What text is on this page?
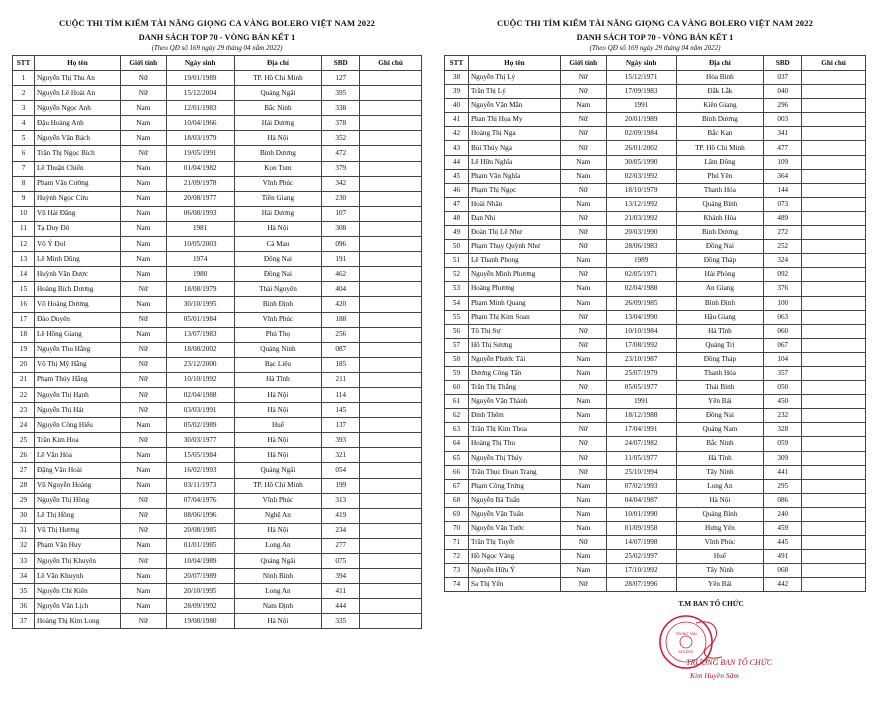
CUỘC THI TÌM KIẾM TÀI NĂNG GIỌNG CA VÀNG BOLERO VIỆT NAM 2022
DANH SÁCH TOP 70 - VÒNG BÁN KẾT 1
(Theo QĐ số 169 ngày 29 tháng 04 năm 2022)
STT	Họ tên	Giới tính	Ngày sinh	Địa chỉ	SBD	Ghi chú
1	Nguyễn Thị Thu An	Nữ	19/01/1989	TP. Hồ Chí Minh	127	
2	Nguyễn Lê Hoài An	Nữ	15/12/2004	Quảng Ngãi	395	
3	Nguyễn Ngọc Anh	Nam	12/01/1983	Bắc Ninh	338	
4	Đậu Hoàng Anh	Nam	10/04/1966	Hải Dương	378	
5	Nguyễn Văn Bách	Nam	18/03/1979	Hà Nội	352	
6	Trần Thị Ngọc Bích	Nữ	19/05/1991	Bình Dương	472	
7	Lê Thuận Chiến	Nam	01/04/1982	Kon Tum	379	
8	Phạm Văn Cường	Nam	21/09/1978	Vĩnh Phúc	342	
9	Huỳnh Ngọc Cừu	Nam	20/08/1977	Tiền Giang	230	
10	Vũ Hải Đăng	Nam	06/08/1993	Hải Dương	107	
11	Tạ Duy Đô	Nam	1981	Hà Nội	308	
12	Võ Ý Đol	Nam	10/05/2003	Cà Mau	096	
13	Lê Minh Dũng	Nam	1974	Đồng Nai	191	
14	Huỳnh Văn Được	Nam	1980	Đồng Nai	462	
15	Hoàng Bích Dương	Nữ	18/08/1979	Thái Nguyên	404	
16	Võ Hoàng Dương	Nam	30/10/1995	Bình Định	420	
17	Đào Duyên	Nữ	05/01/1984	Vĩnh Phúc	188	
18	Lê Hồng Giang	Nam	13/07/1983	Phú Thọ	256	
19	Nguyễn Thu Hằng	Nữ	18/08/2002	Quảng Ninh	087	
20	Võ Thị Mỹ Hằng	Nữ	23/12/2000	Bạc Liêu	185	
21	Phạm Thúy Hằng	Nữ	10/10/1992	Hà Tĩnh	211	
22	Nguyễn Thị Hạnh	Nữ	02/04/1988	Hà Nội	114	
23	Nguyễn Thị Hát	Nữ	03/03/1991	Hà Nội	145	
24	Nguyễn Công Hiếu	Nam	05/02/1989	Huế	137	
25	Trần Kim Hoa	Nữ	30/03/1977	Hà Nội	393	
26	Lê Văn Hòa	Nam	15/05/1984	Hà Nội	321	
27	Đặng Văn Hoài	Nam	16/02/1993	Quảng Ngãi	054	
28	Vũ Nguyễn Hoàng	Nam	03/11/1973	TP. Hồ Chí Minh	199	
29	Nguyễn Thị Hồng	Nữ	07/04/1976	Vĩnh Phúc	313	
30	Lê Thị Hồng	Nữ	08/06/1996	Nghệ An	419	
31	Vũ Thị Hương	Nữ	20/08/1985	Hà Nội	234	
32	Phạm Văn Huy	Nam	01/01/1985	Long An	277	
33	Nguyễn Thị Khuyên	Nữ	10/04/1989	Quảng Ngãi	075	
34	Lê Văn Khuynh	Nam	20/07/1989	Ninh Bình	394	
35	Nguyễn Chí Kiên	Nam	20/10/1995	Long An	411	
36	Nguyễn Văn Lịch	Nam	28/09/1992	Nam Định	444	
37	Hoàng Thị Kim Long	Nữ	19/08/1980	Hà Nội	335	
CUỘC THI TÌM KIẾM TÀI NĂNG GIỌNG CA VÀNG BOLERO VIỆT NAM 2022
DANH SÁCH TOP 70 - VÒNG BÁN KẾT 1
(Theo QĐ số 169 ngày 29 tháng 04 năm 2022)
STT	Họ tên	Giới tính	Ngày sinh	Địa chỉ	SBD	Ghi chú
38	Nguyễn Thị Lý	Nữ	15/12/1971	Hòa Bình	037	
39	Trần Thị Lý	Nữ	17/09/1983	Đắk Lắk	040	
40	Nguyễn Văn Mẫn	Nam	1991	Kiên Giang	296	
41	Phan Thị Họa My	Nữ	20/01/1989	Bình Dương	003	
42	Hoàng Thị Nga	Nữ	02/09/1984	Bắc Kạn	341	
43	Bùi Thúy Nga	Nữ	26/01/2002	TP. Hồ Chí Minh	477	
44	Lê Hữu Nghĩa	Nam	30/05/1990	Lâm Đồng	109	
45	Phạm Văn Nghĩa	Nam	02/03/1992	Phú Yên	364	
46	Phạm Thị Ngọc	Nữ	18/10/1979	Thanh Hóa	144	
47	Hoài Nhân	Nam	13/12/1992	Quảng Bình	073	
48	Đan Nhi	Nữ	21/03/1992	Khánh Hòa	489	
49	Đoàn Thị Lê Như	Nữ	20/03/1990	Bình Dương	272	
50	Phạm Thụy Quỳnh Như	Nữ	28/06/1983	Đồng Nai	252	
51	Lê Thanh Phong	Nam	1989	Đồng Tháp	324	
52	Nguyễn Minh Phương	Nữ	02/05/1971	Hải Phòng	092	
53	Hoàng Phương	Nam	02/04/1988	An Giang	376	
54	Phạm Minh Quang	Nam	26/09/1985	Bình Định	100	
55	Phạm Thị Kim Soan	Nữ	13/04/1990	Hậu Giang	063	
56	Tô Thị Sự	Nữ	10/10/1984	Hà Tĩnh	060	
57	Hồ Thị Sương	Nữ	17/08/1992	Quảng Trị	067	
58	Nguyễn Phước Tài	Nam	23/10/1987	Đồng Tháp	104	
59	Dương Công Tấn	Nam	25/07/1979	Thanh Hóa	357	
60	Trần Thị Thắng	Nữ	05/05/1977	Thái Bình	050	
61	Nguyễn Văn Thành	Nam	1991	Yên Bái	450	
62	Đinh Thêm	Nam	18/12/1988	Đồng Nai	232	
63	Trần Thị Kim Thoa	Nữ	17/04/1991	Quảng Nam	328	
64	Hoàng Thị Thu	Nữ	24/07/1982	Bắc Ninh	059	
65	Nguyễn Thị Thúy	Nữ	11/05/1977	Hà Tĩnh	309	
66	Trần Thục Đoan Trang	Nữ	25/10/1994	Tây Ninh	441	
67	Phạm Công Trứng	Nam	07/02/1993	Long An	295	
68	Nguyễn Bá Tuấn	Nam	04/04/1987	Hà Nội	086	
69	Nguyễn Văn Tuấn	Nam	10/01/1990	Quảng Bình	240	
70	Nguyễn Văn Tước	Nam	01/09/1958	Hưng Yên	459	
71	Trần Thị Tuyết	Nữ	14/07/1998	Vĩnh Phúc	445	
72	Hồ Ngọc Vàng	Nam	25/02/1997	Huế	491	
73	Nguyễn Hữu Ý	Nam	17/10/1992	Tây Ninh	068	
74	Sa Thị Yến	Nữ	28/07/1996	Yên Bái	442	
T.M BAN TỔ CHỨC
TRUNG TÂM
BOLERO
TRƯỞNG BAN TỔ CHỨC
Kim Huyền Sâm
